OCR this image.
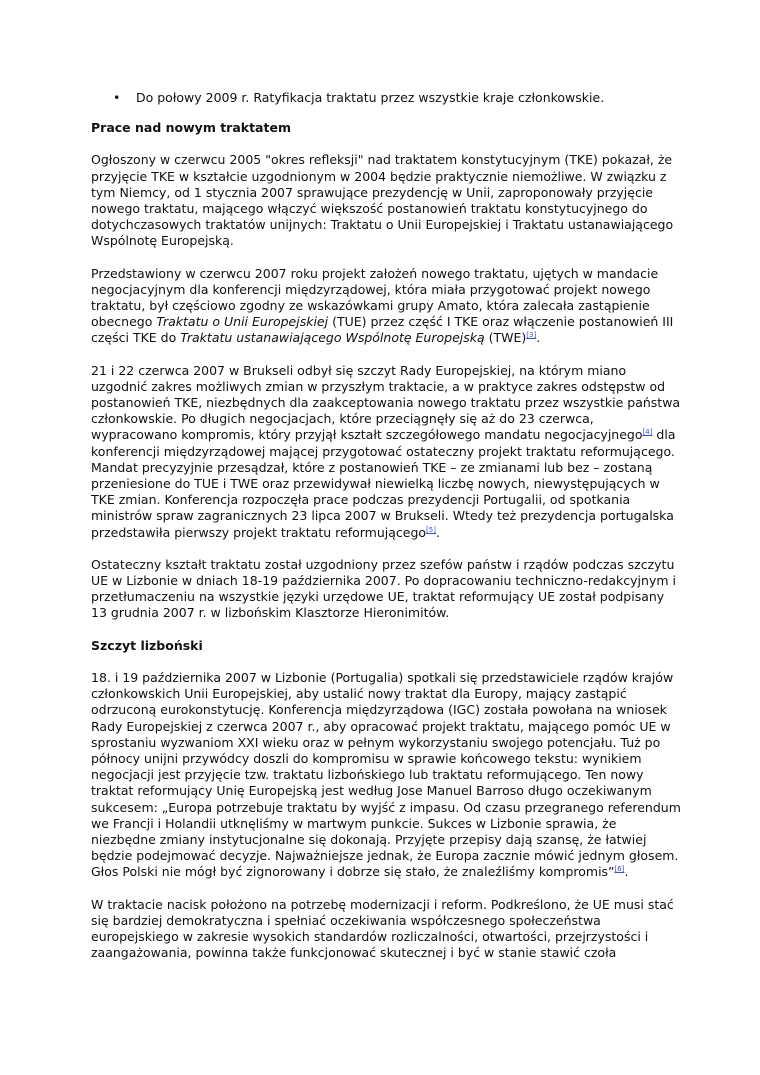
• Do połowy 2009 r. Ratyfikacja traktatu przez wszystkie kraje członkowskie.
Prace nad nowym traktatem

Ogłoszony w czerwcu 2005 "okres refleksji" nad traktatem konstytucyjnym (TKE) pokazał, że przyjęcie TKE w kształcie uzgodnionym w 2004 będzie praktycznie niemożliwe. W związku z tym Niemcy, od 1 stycznia 2007 sprawujące prezydencję w Unii, zaproponowały przyjęcie nowego traktatu, mającego włączyć większość postanowień traktatu konstytucyjnego do dotychczasowych traktatów unijnych: Traktatu o Unii Europejskiej i Traktatu ustanawiającego Wspólnotę Europejską.

Przedstawiony w czerwcu 2007 roku projekt założeń nowego traktatu, ujętych w mandacie negocjacyjnym dla konferencji międzyrządowej, która miała przygotować projekt nowego traktatu, był częściowo zgodny ze wskazówkami grupy Amato, która zalecała zastąpienie obecnego Traktatu o Unii Europejskiej (TUE) przez część I TKE oraz włączenie postanowień III części TKE do Traktatu ustanawiającego Wspólnotę Europejską (TWE)[3].

21 i 22 czerwca 2007 w Brukseli odbył się szczyt Rady Europejskiej, na którym miano uzgodnić zakres możliwych zmian w przyszłym traktacie, a w praktyce zakres odstępstw od postanowień TKE, niezbędnych dla zaakceptowania nowego traktatu przez wszystkie państwa członkowskie. Po długich negocjacjach, które przeciągnęły się aż do 23 czerwca, wypracowano kompromis, który przyjął kształt szczegółowego mandatu negocjacyjnego[4] dla konferencji międzyrządowej mającej przygotować ostateczny projekt traktatu reformującego. Mandat precyzyjnie przesądzał, które z postanowień TKE – ze zmianami lub bez – zostaną przeniesione do TUE i TWE oraz przewidywał niewielką liczbę nowych, niewystępujących w TKE zmian. Konferencja rozpoczęła prace podczas prezydencji Portugalii, od spotkania ministrów spraw zagranicznych 23 lipca 2007 w Brukseli. Wtedy też prezydencja portugalska przedstawiła pierwszy projekt traktatu reformującego[5].

Ostateczny kształt traktatu został uzgodniony przez szefów państw i rządów podczas szczytu UE w Lizbonie w dniach 18-19 października 2007. Po dopracowaniu techniczno-redakcyjnym i przetłumaczeniu na wszystkie języki urzędowe UE, traktat reformujący UE został podpisany 13 grudnia 2007 r. w lizbońskim Klasztorze Hieronimitów.

Szczyt lizboński

18. i 19 października 2007 w Lizbonie (Portugalia) spotkali się przedstawiciele rządów krajów członkowskich Unii Europejskiej, aby ustalić nowy traktat dla Europy, mający zastąpić odrzuconą eurokonstytucję. Konferencja międzyrządowa (IGC) została powołana na wniosek Rady Europejskiej z czerwca 2007 r., aby opracować projekt traktatu, mającego pomóc UE w sprostaniu wyzwaniom XXI wieku oraz w pełnym wykorzystaniu swojego potencjału. Tuż po północy unijni przywódcy doszli do kompromisu w sprawie końcowego tekstu: wynikiem negocjacji jest przyjęcie tzw. traktatu lizbońskiego lub traktatu reformującego. Ten nowy traktat reformujący Unię Europejską jest według Jose Manuel Barroso długo oczekiwanym sukcesem: „Europa potrzebuje traktatu by wyjść z impasu. Od czasu przegranego referendum we Francji i Holandii utknęliśmy w martwym punkcie. Sukces w Lizbonie sprawia, że niezbędne zmiany instytucjonalne się dokonają. Przyjęte przepisy dają szansę, że łatwiej będzie podejmować decyzje. Najważniejsze jednak, że Europa zacznie mówić jednym głosem. Głos Polski nie mógł być zignorowany i dobrze się stało, że znaleźliśmy kompromis”[6].

W traktacie nacisk położono na potrzebę modernizacji i reform. Podkreślono, że UE musi stać się bardziej demokratyczna i spełniać oczekiwania współczesnego społeczeństwa europejskiego w zakresie wysokich standardów rozliczalności, otwartości, przejrzystości i zaangażowania, powinna także funkcjonować skutecznej i być w stanie stawić czoła
